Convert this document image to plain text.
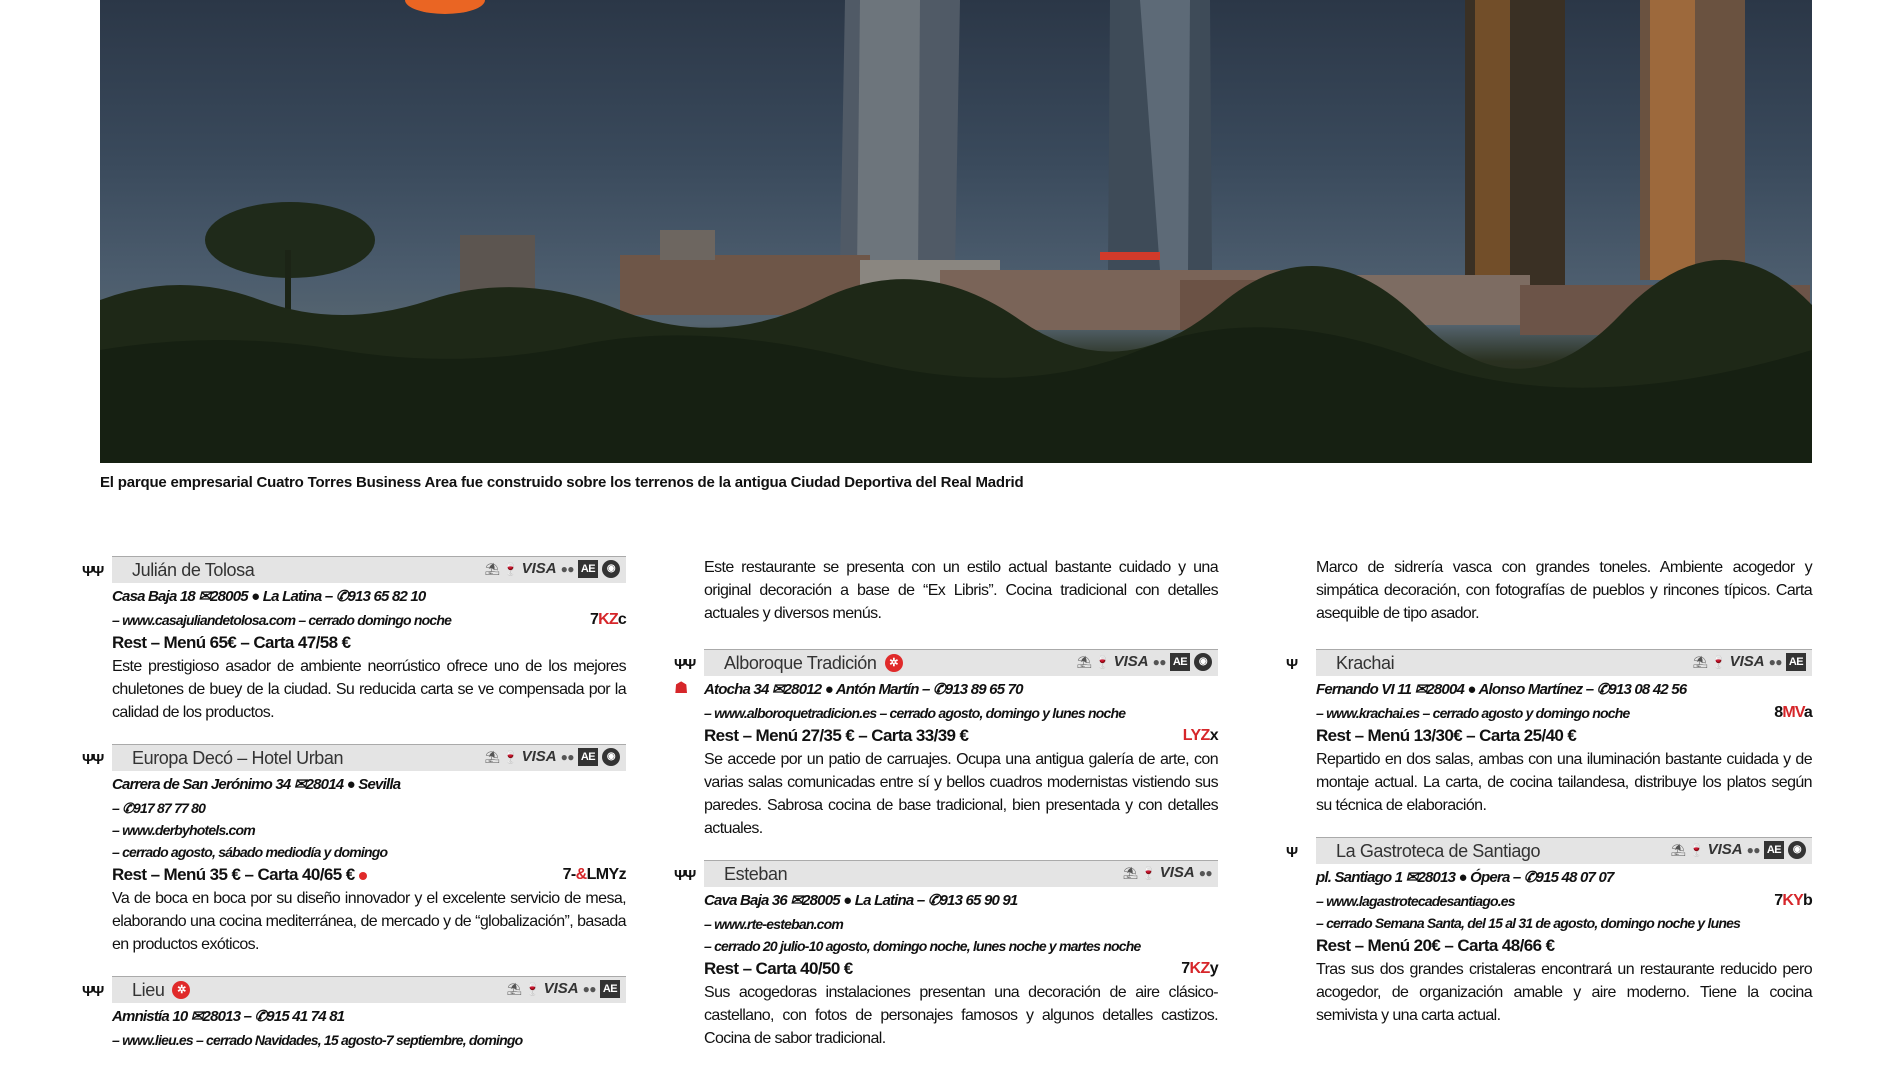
El parque empresarial Cuatro Torres Business Area fue construido sobre los terrenos de la antigua Ciudad Deportiva del Real Madrid
ΨΨ Julián de Tolosa	⛱ 🍷 VISA ●● AE	◉
Casa Baja 18 ✉28005 ● La Latina – ✆913 65 82 10
– www.casajuliandetolosa.com – cerrado domingo noche	7KZc
Rest – Menú 65€ – Carta 47/58 €
Este prestigioso asador de ambiente neorrústico ofrece uno de los mejores chuletones de buey de la ciudad. Su reducida carta se ve compensada por la calidad de los productos.
ΨΨ Europa Decó – Hotel Urban	⛱ 🍷 VISA ●● AE	◉
Carrera de San Jerónimo 34 ✉28014 ● Sevilla
– ✆917 87 77 80
– www.derbyhotels.com
– cerrado agosto, sábado mediodía y domingo
Rest – Menú 35 € – Carta 40/65 €	7-&LMYz
Va de boca en boca por su diseño innovador y el excelente servicio de mesa, elaborando una cocina mediterránea, de mercado y de “globalización”, basada en productos exóticos.
ΨΨ Lieu	✲	⛱ 🍷 VISA ●● AE
Amnistía 10 ✉28013 – ✆915 41 74 81
– www.lieu.es – cerrado Navidades, 15 agosto-7 septiembre, domingo
Este restaurante se presenta con un estilo actual bastante cuidado y una original decoración a base de “Ex Libris”. Cocina tradicional con detalles actuales y diversos menús.
ΨΨ Alboroque Tradición	✲	⛱ 🍷 VISA ●● AE	◉
☗ Atocha 34 ✉28012 ● Antón Martín – ✆913 89 65 70
– www.alboroquetradicion.es – cerrado agosto, domingo y lunes noche
Rest – Menú 27/35 € – Carta 33/39 €	LYZx
Se accede por un patio de carruajes. Ocupa una antigua galería de arte, con varias salas comunicadas entre sí y bellos cuadros modernistas vistiendo sus paredes. Sabrosa cocina de base tradicional, bien presentada y con detalles actuales.
ΨΨ Esteban	⛱ 🍷 VISA ●●
Cava Baja 36 ✉28005 ● La Latina – ✆913 65 90 91
– www.rte-esteban.com
– cerrado 20 julio-10 agosto, domingo noche, lunes noche y martes noche
Rest – Carta 40/50 €	7KZy
Sus acogedoras instalaciones presentan una decoración de aire clásico-castellano, con fotos de personajes famosos y algunos detalles castizos. Cocina de sabor tradicional.
Marco de sidrería vasca con grandes toneles. Ambiente acogedor y simpática decoración, con fotografías de pueblos y rincones típicos. Carta asequible de tipo asador.
Ψ Krachai	⛱ 🍷 VISA ●● AE
Fernando VI 11 ✉28004 ● Alonso Martínez – ✆913 08 42 56
– www.krachai.es – cerrado agosto y domingo noche	8MVa
Rest – Menú 13/30€ – Carta 25/40 €
Repartido en dos salas, ambas con una iluminación bastante cuidada y de montaje actual. La carta, de cocina tailandesa, distribuye los platos según su técnica de elaboración.
Ψ La Gastroteca de Santiago	⛱ 🍷 VISA ●● AE	◉
pl. Santiago 1 ✉28013 ● Ópera – ✆915 48 07 07
– www.lagastrotecadesantiago.es	7KYb
– cerrado Semana Santa, del 15 al 31 de agosto, domingo noche y lunes
Rest – Menú 20€ – Carta 48/66 €
Tras sus dos grandes cristaleras encontrará un restaurante reducido pero acogedor, de organización amable y aire moderno. Tiene la cocina semivista y una carta actual.
